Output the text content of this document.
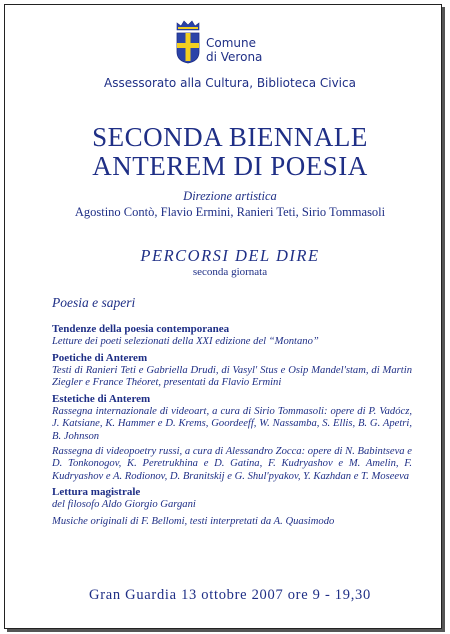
Comune
di Verona
Assessorato alla Cultura, Biblioteca Civica
SECONDA BIENNALE
ANTEREM DI POESIA
Direzione artistica
Agostino Contò, Flavio Ermini, Ranieri Teti, Sirio Tommasoli
PERCORSI DEL DIRE
seconda giornata
Poesia e saperi
Tendenze della poesia contemporanea

Letture dei poeti selezionati della XXI edizione del “Montano”

Poetiche di Anterem

Testi di Ranieri Teti e Gabriella Drudi, di Vasyl' Stus e Osip Mandel'stam, di Martin Ziegler e France Théoret, presentati da Flavio Ermini

Estetiche di Anterem

Rassegna internazionale di videoart, a cura di Sirio Tommasoli: opere di P. Vadócz, J. Katsiane, K. Hammer e D. Krems, Goordeeff, W. Nassamba, S. Ellis, B. G. Apetri, B. Johnson

Rassegna di videopoetry russi, a cura di Alessandro Zocca: opere di N. Babintseva e D. Tonkonogov, K. Peretrukhina e D. Gatina, F. Kudryashov e M. Amelin, F. Kudryashov e A. Rodionov, D. Branitskij e G. Shul'pyakov, Y. Kazhdan e T. Moseeva

Lettura magistrale

del filosofo Aldo Giorgio Gargani

Musiche originali di F. Bellomi, testi interpretati da A. Quasimodo
Gran Guardia 13 ottobre 2007 ore 9 - 19,30
